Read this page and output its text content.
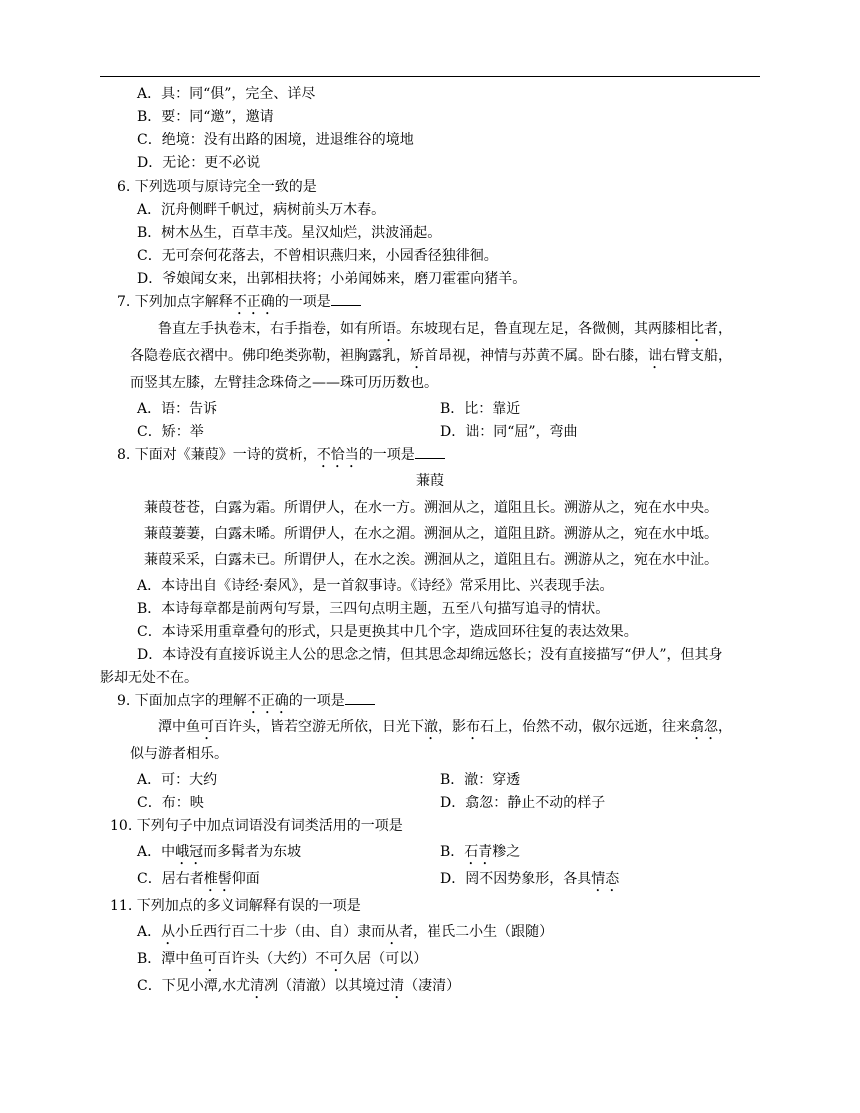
A．具：同“俱”，完全、详尽
B．要：同“邀”，邀请
C．绝境：没有出路的困境，进退维谷的境地
D．无论：更不必说
6. 下列选项与原诗完全一致的是
A．沉舟侧畔千帆过，病树前头万木春。
B．树木丛生，百草丰茂。星汉灿烂，洪波涌起。
C．无可奈何花落去，不曾相识燕归来，小园香径独徘徊。
D．爷娘闻女来，出郭相扶将；小弟闻姊来，磨刀霍霍向猪羊。
7. 下列加点字解释不正确的一项是
鲁直左手执卷末，右手指卷，如有所语。东坡现右足，鲁直现左足，各微侧，其两膝相比者，
各隐卷底衣褶中。佛印绝类弥勒，袒胸露乳，矫首昂视，神情与苏黄不属。卧右膝，诎右臂支船，
而竖其左膝，左臂挂念珠倚之——珠可历历数也。
A．语：告诉	B．比：靠近
C．矫：举	D．诎：同“屈”，弯曲
8. 下面对《蒹葭》一诗的赏析，不恰当的一项是
蒹葭
蒹葭苍苍，白露为霜。所谓伊人，在水一方。溯洄从之，道阻且长。溯游从之，宛在水中央。
蒹葭萋萋，白露未晞。所谓伊人，在水之湄。溯洄从之，道阻且跻。溯游从之，宛在水中坻。
蒹葭采采，白露未已。所谓伊人，在水之涘。溯洄从之，道阻且右。溯游从之，宛在水中沚。
A．本诗出自《诗经·秦风》，是一首叙事诗。《诗经》常采用比、兴表现手法。
B．本诗每章都是前两句写景，三四句点明主题，五至八句描写追寻的情状。
C．本诗采用重章叠句的形式，只是更换其中几个字，造成回环往复的表达效果。
D．本诗没有直接诉说主人公的思念之情，但其思念却绵远悠长；没有直接描写“伊人”，但其身
影却无处不在。
9. 下面加点字的理解不正确的一项是
潭中鱼可百许头，皆若空游无所依，日光下澈，影布石上，佁然不动，俶尔远逝，往来翕忽，
似与游者相乐。
A．可：大约	B．澈：穿透
C．布：映	D．翕忽：静止不动的样子
10. 下列句子中加点词语没有词类活用的一项是
A．中峨冠而多髯者为东坡	B．石青糁之
C．居右者椎髻仰面	D．罔不因势象形，各具情态
11. 下列加点的多义词解释有误的一项是
A．从小丘西行百二十步（由、自）隶而从者，崔氏二小生（跟随）
B．潭中鱼可百许头（大约）不可久居（可以）
C．下见小潭,水尤清冽（清澈）以其境过清（凄清）
